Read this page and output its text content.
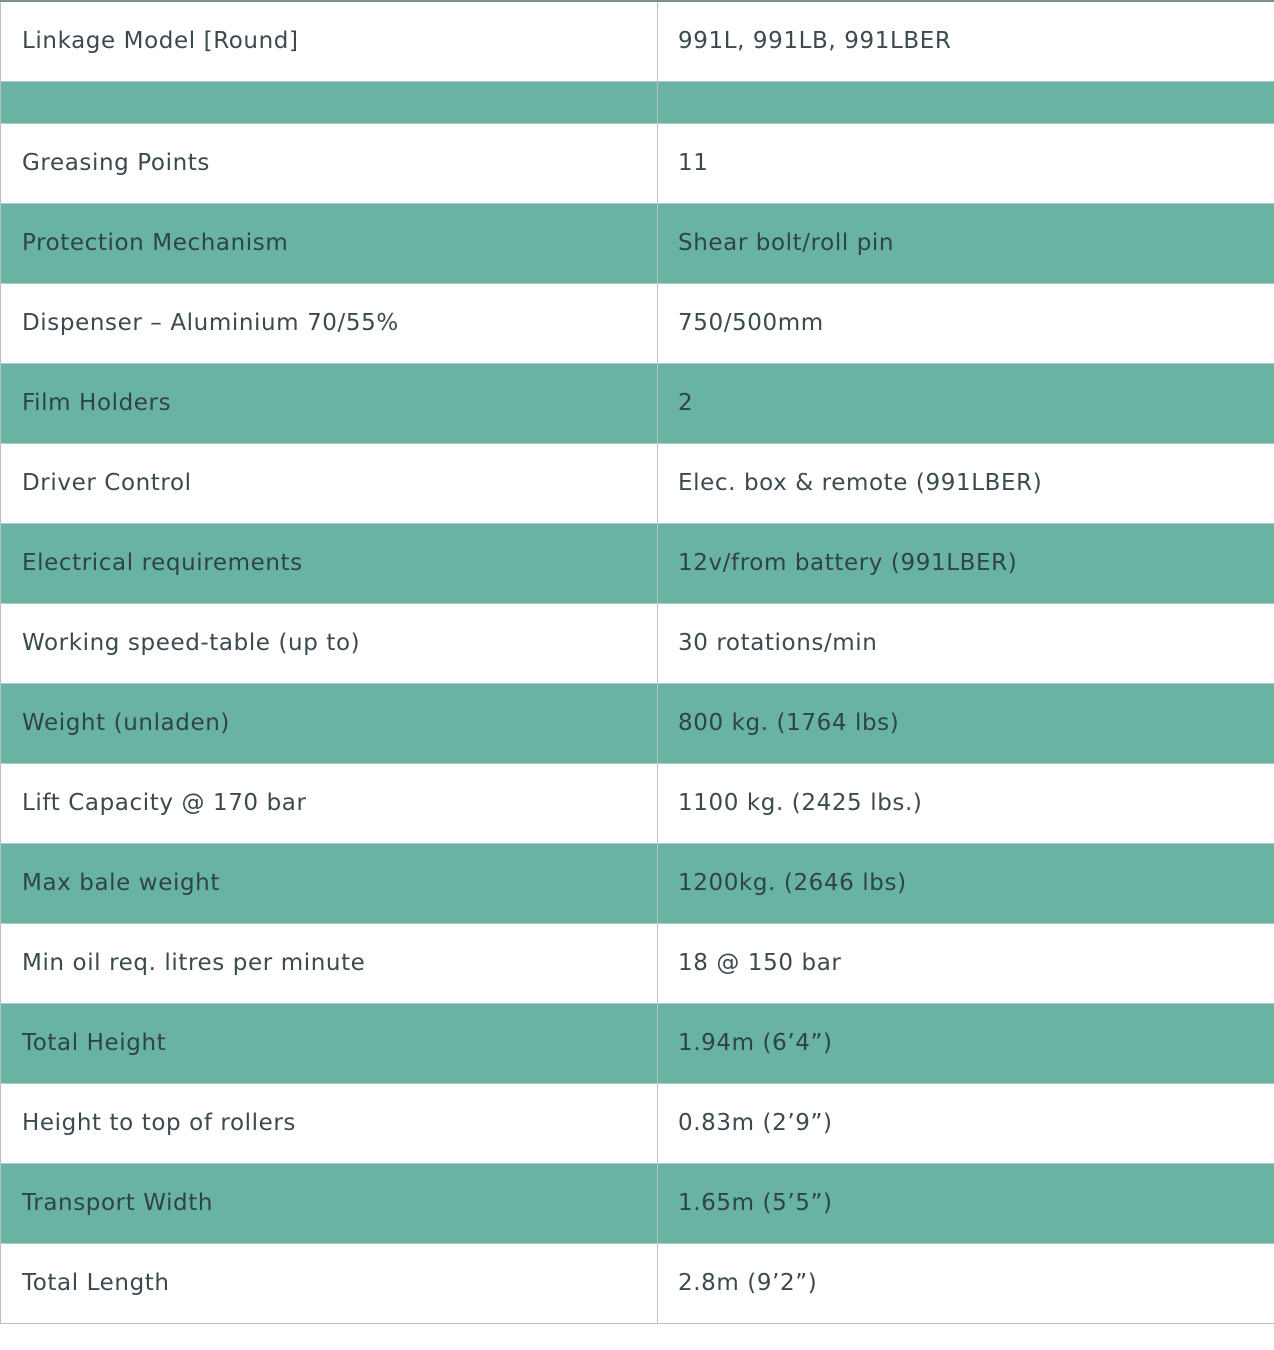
Linkage Model [Round]	991L, 991LB, 991LBER

Greasing Points	11
Protection Mechanism	Shear bolt/roll pin
Dispenser – Aluminium 70/55%	750/500mm
Film Holders	2
Driver Control	Elec. box & remote (991LBER)
Electrical requirements	12v/from battery (991LBER)
Working speed-table (up to)	30 rotations/min
Weight (unladen)	800 kg. (1764 lbs)
Lift Capacity @ 170 bar	1100 kg. (2425 lbs.)
Max bale weight	1200kg. (2646 lbs)
Min oil req. litres per minute	18 @ 150 bar
Total Height	1.94m (6’4”)
Height to top of rollers	0.83m (2’9”)
Transport Width	1.65m (5’5”)
Total Length	2.8m (9’2”)
